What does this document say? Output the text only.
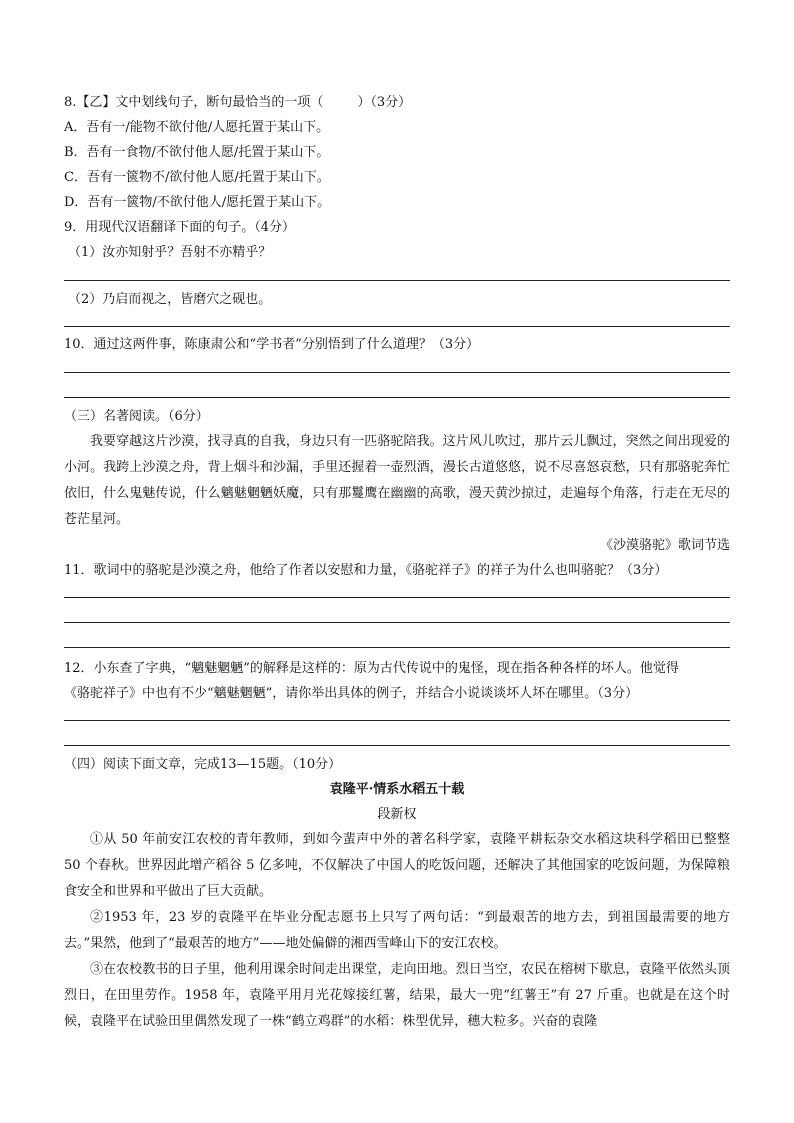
8.【乙】文中划线句子，断句最恰当的一项（	）（3分）
A．吾有一/能物不欲付他/人愿托置于某山下。
B．吾有一食物/不欲付他人愿/托置于某山下。
C．吾有一篋物不/欲付他人愿/托置于某山下。
D．吾有一篋物/不欲付他人/愿托置于某山下。
9．用现代汉语翻译下面的句子。（4分）
（1）汝亦知射乎？吾射不亦精乎？
（2）乃启而视之，皆磨穴之砚也。
10．通过这两件事，陈康肃公和“学书者”分别悟到了什么道理？（3分）
（三）名著阅读。（6分）

我要穿越这片沙漠，找寻真的自我，身边只有一匹骆驼陪我。这片风儿吹过，那片云儿飘过，突然之间出现爱的小河。我跨上沙漠之舟，背上烟斗和沙漏，手里还握着一壶烈酒，漫长古道悠悠，说不尽喜怒哀愁，只有那骆驼奔忙依旧，什么鬼魅传说，什么魑魅魍魉妖魔，只有那鬘鹰在幽幽的高歌，漫天黄沙掠过，走遍每个角落，行走在无尽的苍茫星河。

《沙漠骆驼》歌词节选
11．歌词中的骆驼是沙漠之舟，他给了作者以安慰和力量，《骆驼祥子》的祥子为什么也叫骆驼？（3分）
12．小东查了字典，“魑魅魍魉”的解释是这样的：原为古代传说中的鬼怪，现在指各种各样的坏人。他觉得
《骆驼祥子》中也有不少“魑魅魍魉”，请你举出具体的例子，并结合小说谈谈坏人坏在哪里。（3分）
（四）阅读下面文章，完成13—15题。（10分）
袁隆平·情系水稻五十载
段新权

①从 50 年前安江农校的青年教师，到如今蜚声中外的著名科学家，袁隆平耕耘杂交水稻这块科学稻田已整整 50 个春秋。世界因此增产稻谷 5 亿多吨，不仅解决了中国人的吃饭问题，还解决了其他国家的吃饭问题，为保障粮食安全和世界和平做出了巨大贡献。

②1953 年，23 岁的袁隆平在毕业分配志愿书上只写了两句话：“到最艰苦的地方去，到祖国最需要的地方去。”果然，他到了“最艰苦的地方”——地处偏僻的湘西雪峰山下的安江农校。

③在农校教书的日子里，他利用课余时间走出课堂，走向田地。烈日当空，农民在榕树下歇息，袁隆平依然头顶烈日，在田里劳作。1958 年，袁隆平用月光花嫁接红薯，结果，最大一兜“红薯王”有 27 斤重。也就是在这个时候，袁隆平在试验田里偶然发现了一株“鹤立鸡群”的水稻：株型优异，穗大粒多。兴奋的袁隆
